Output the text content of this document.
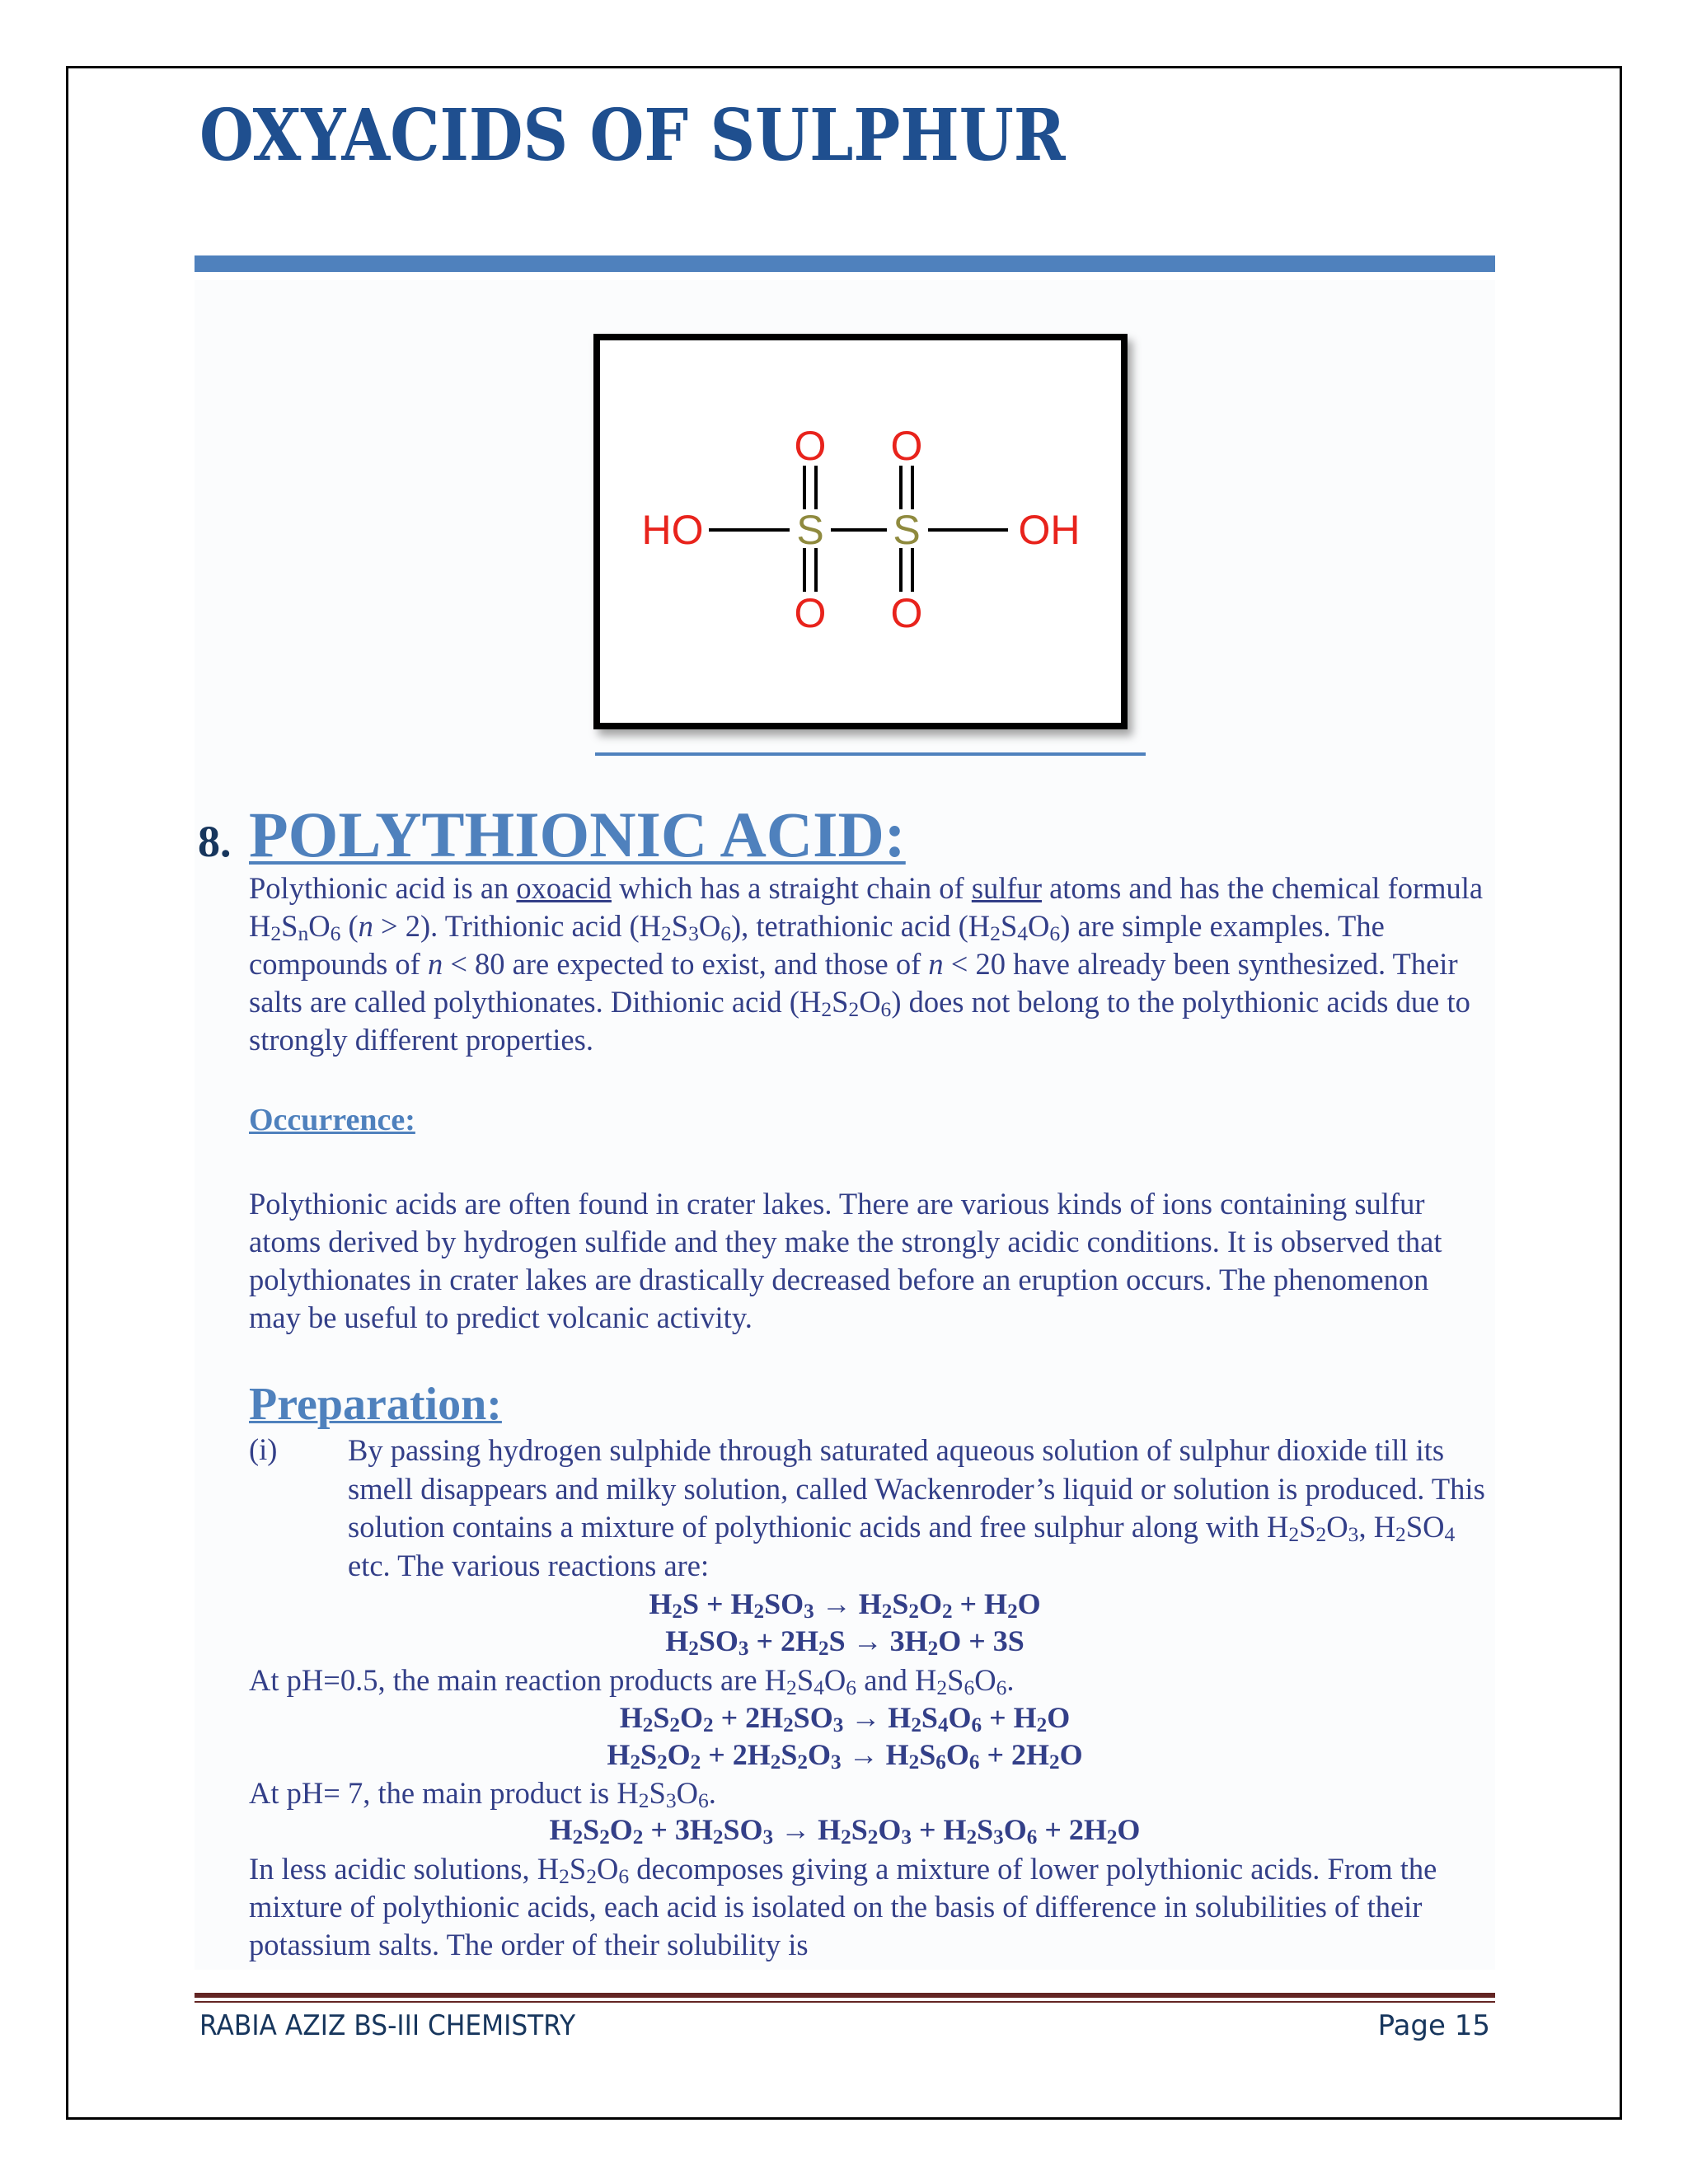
OXYACIDS OF SULPHUR
HO S S OH
O O
O O
8. POLYTHIONIC ACID:
Polythionic acid is an oxoacid which has a straight chain of sulfur atoms and has the chemical formula $H_2S_nO_6$ (n > 2). Trithionic acid $(H_2S_3O_6)$, tetrathionic acid $(H_2S_4O_6)$ are simple examples. The compounds of n < 80 are expected to exist, and those of n < 20 have already been synthesized. Their salts are called polythionates. Dithionic acid $(H_2S_2O_6)$ does not belong to the polythionic acids due to strongly different properties.
Occurrence:
Polythionic acids are often found in crater lakes. There are various kinds of ions containing sulfur atoms derived by hydrogen sulfide and they make the strongly acidic conditions. It is observed that polythionates in crater lakes are drastically decreased before an eruption occurs. The phenomenon may be useful to predict volcanic activity.
Preparation:
(i) By passing hydrogen sulphide through saturated aqueous solution of sulphur dioxide till its smell disappears and milky solution, called Wackenroder’s liquid or solution is produced. This solution contains a mixture of polythionic acids and free sulphur along with $H_2S_2O_3$, $H_2SO_4$ etc. The various reactions are:
$H_2S + H_2SO_3 \to H_2S_2O_2 + H_2O$
$H_2SO_3 + 2H_2S \to 3H_2O + 3S$
At pH=0.5, the main reaction products are $H_2S_4O_6$ and $H_2S_6O_6$.
$H_2S_2O_2 + 2H_2SO_3 \to H_2S_4O_6 + H_2O$
$H_2S_2O_2 + 2H_2S_2O_3 \to H_2S_6O_6 + 2H_2O$
At pH= 7, the main product is $H_2S_3O_6$.
$H_2S_2O_2 + 3H_2SO_3 \to H_2S_2O_3 + H_2S_3O_6 + 2H_2O$
In less acidic solutions, $H_2S_2O_6$ decomposes giving a mixture of lower polythionic acids. From the mixture of polythionic acids, each acid is isolated on the basis of difference in solubilities of their potassium salts. The order of their solubility is
RABIA AZIZ BS-III CHEMISTRY	Page 15
